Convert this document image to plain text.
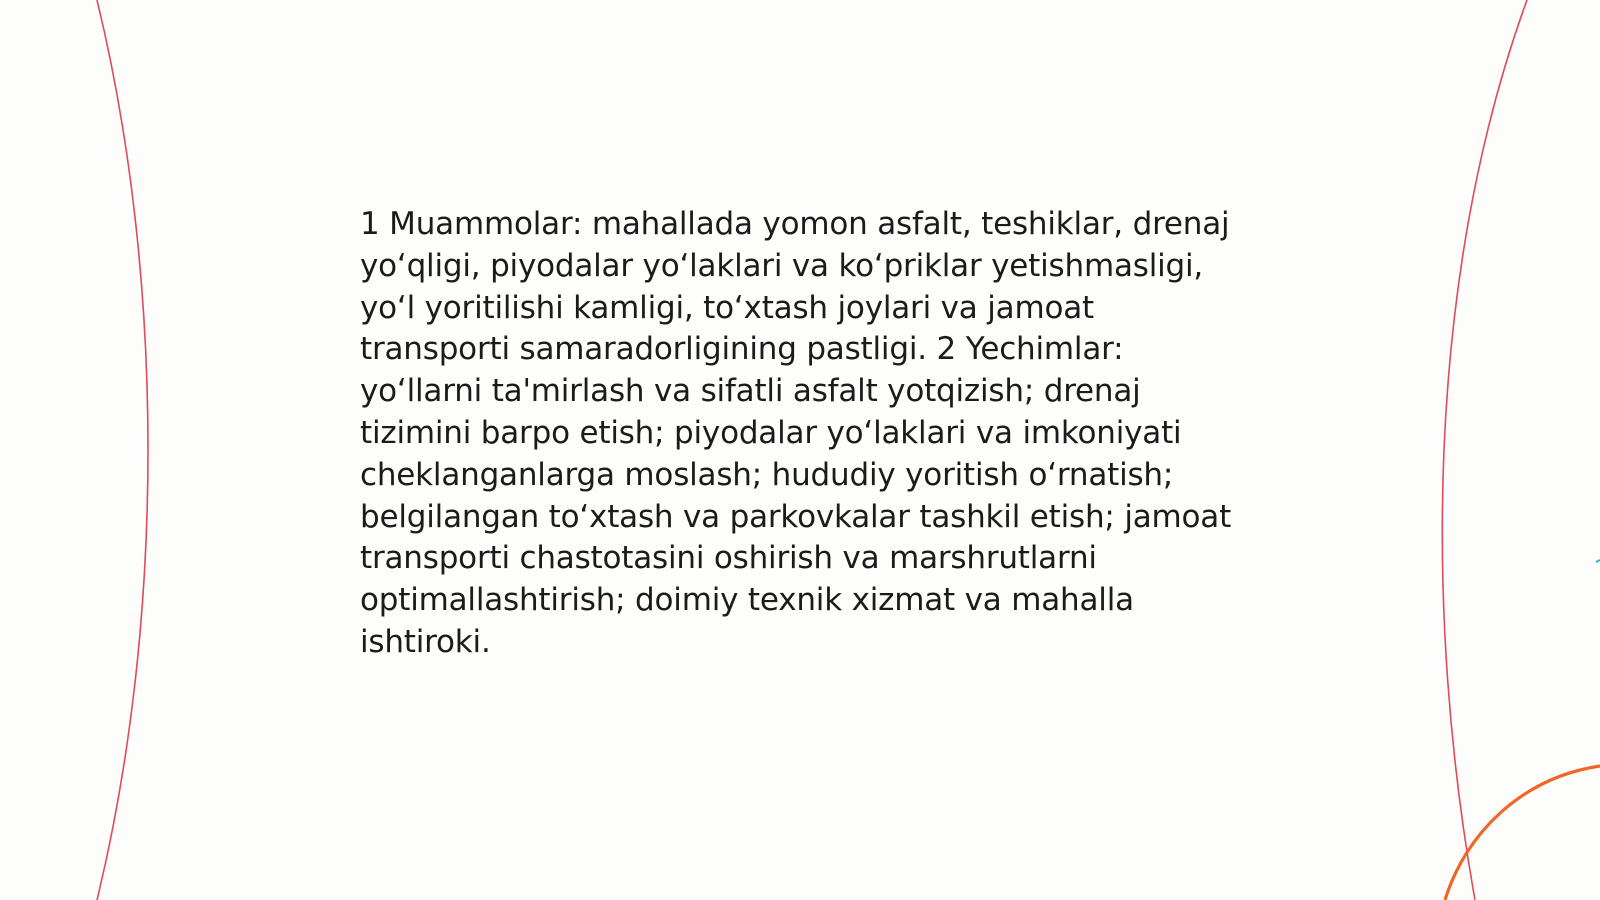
1 Muammolar: mahallada yomon asfalt, teshiklar, drenaj yo‘qligi, piyodalar yo‘laklari va ko‘priklar yetishmasligi, yo‘l yoritilishi kamligi, to‘xtash joylari va jamoat transporti samaradorligining pastligi. 2 Yechimlar: yo‘llarni ta'mirlash va sifatli asfalt yotqizish; drenaj tizimini barpo etish; piyodalar yo‘laklari va imkoniyati cheklanganlarga moslash; hududiy yoritish o‘rnatish; belgilangan to‘xtash va parkovkalar tashkil etish; jamoat transporti chastotasini oshirish va marshrutlarni optimallashtirish; doimiy texnik xizmat va mahalla ishtiroki.
